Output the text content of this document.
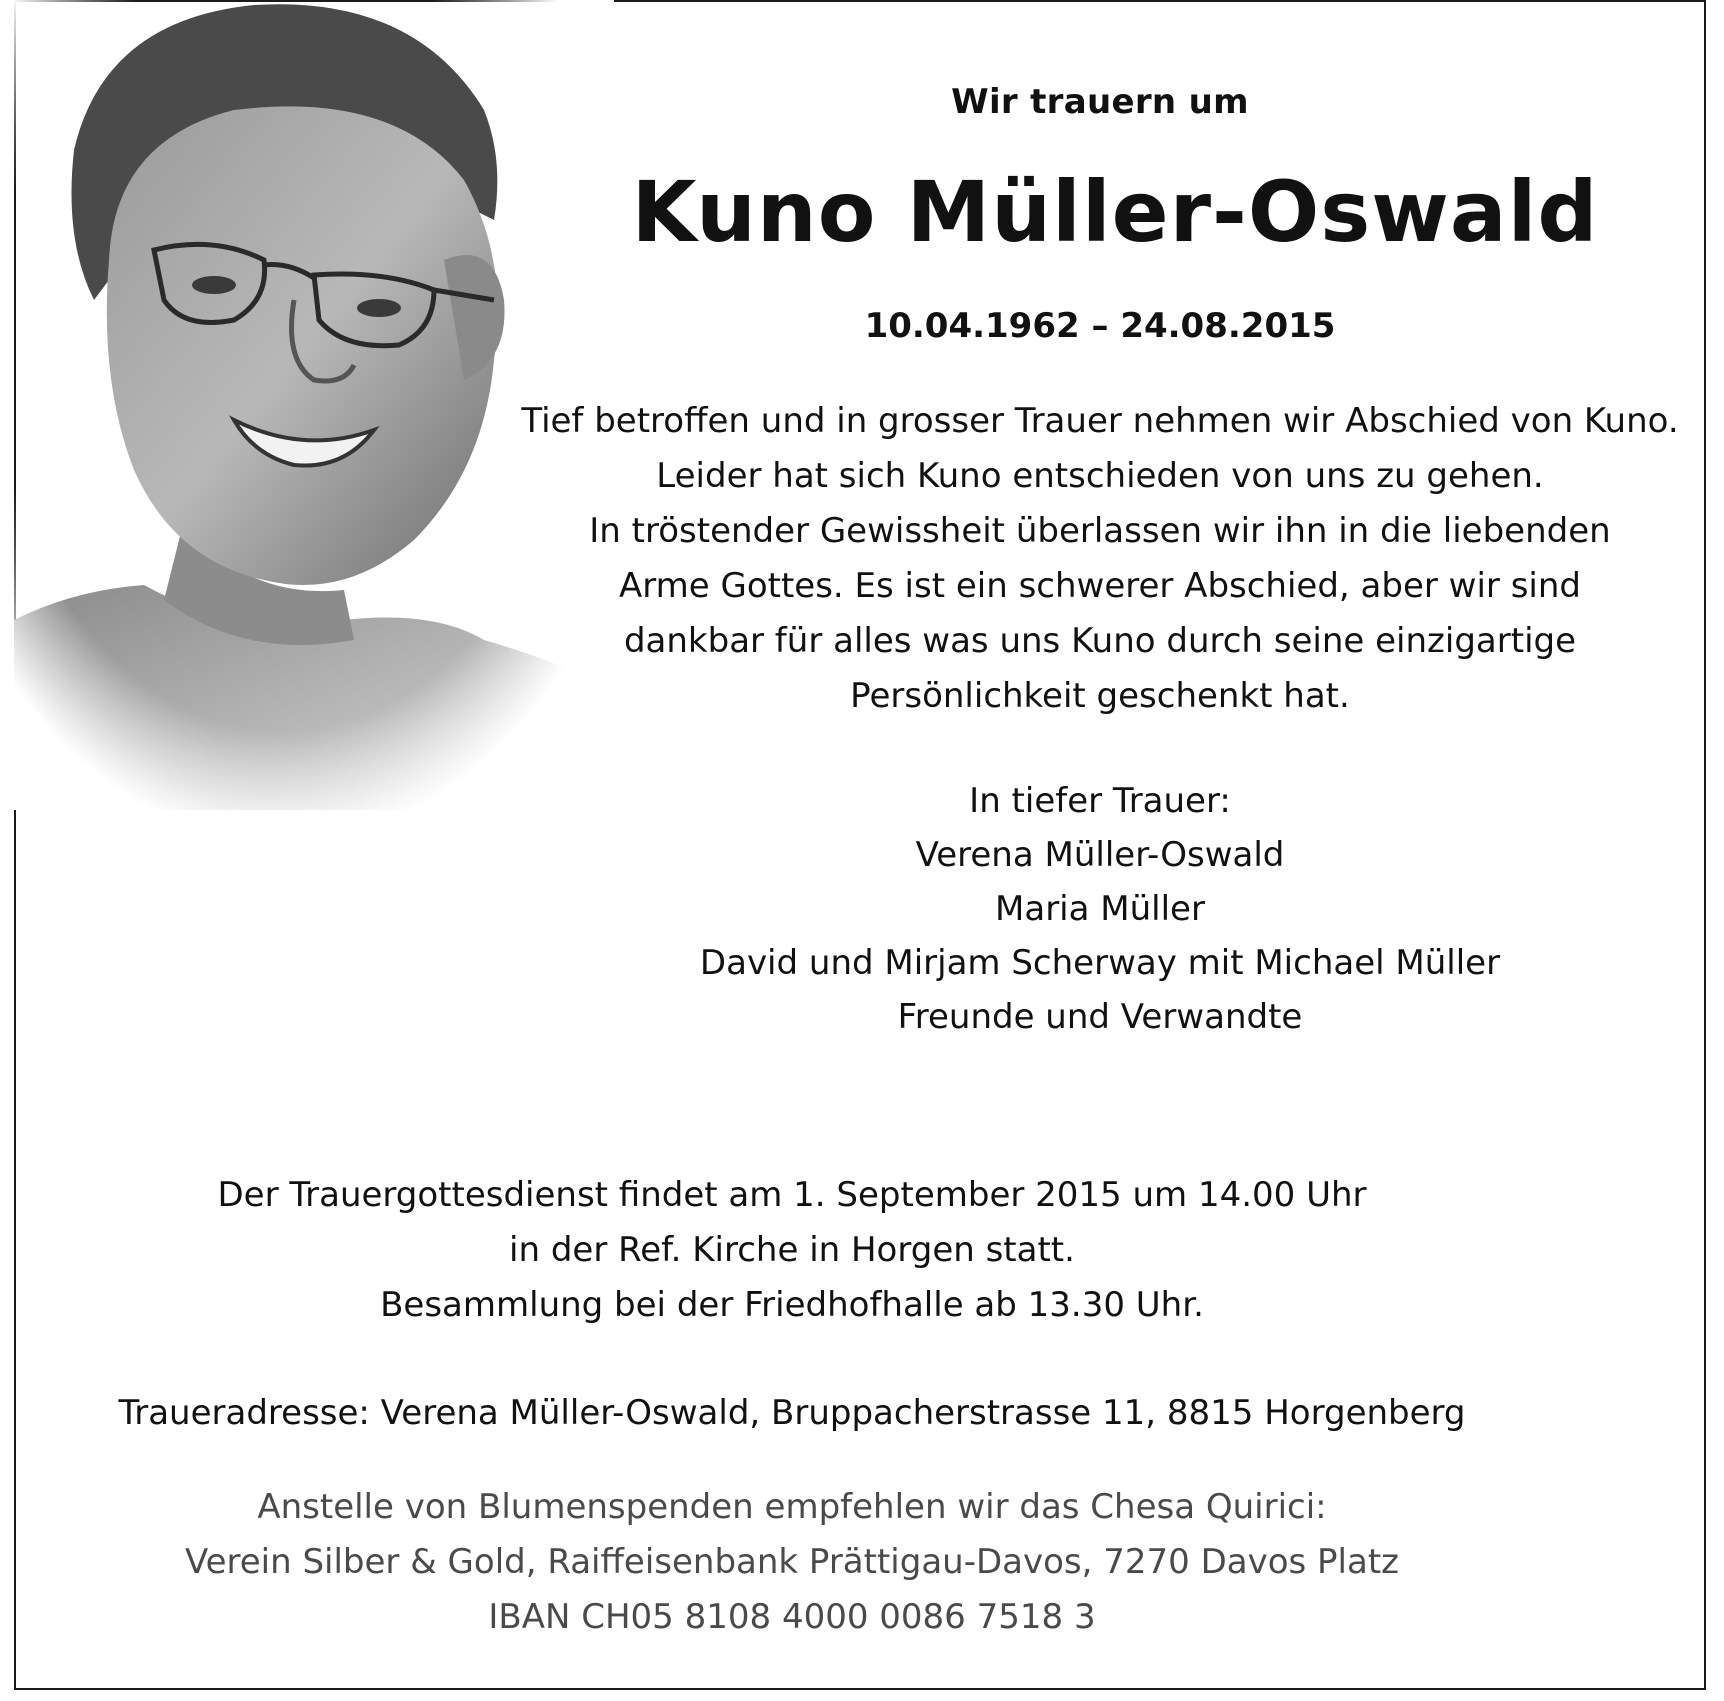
Wir trauern um
Kuno Müller-Oswald
10.04.1962 – 24.08.2015
Tief betroffen und in grosser Trauer nehmen wir Abschied von Kuno.
Leider hat sich Kuno entschieden von uns zu gehen.
In tröstender Gewissheit überlassen wir ihn in die liebenden
Arme Gottes. Es ist ein schwerer Abschied, aber wir sind
dankbar für alles was uns Kuno durch seine einzigartige
Persönlichkeit geschenkt hat.
In tiefer Trauer:
Verena Müller-Oswald
Maria Müller
David und Mirjam Scherway mit Michael Müller
Freunde und Verwandte
Der Trauergottesdienst findet am 1. September 2015 um 14.00 Uhr
in der Ref. Kirche in Horgen statt.
Besammlung bei der Friedhofhalle ab 13.30 Uhr.
Traueradresse: Verena Müller-Oswald, Bruppacherstrasse 11, 8815 Horgenberg
Anstelle von Blumenspenden empfehlen wir das Chesa Quirici:
Verein Silber & Gold, Raiffeisenbank Prättigau-Davos, 7270 Davos Platz
IBAN CH05 8108 4000 0086 7518 3
